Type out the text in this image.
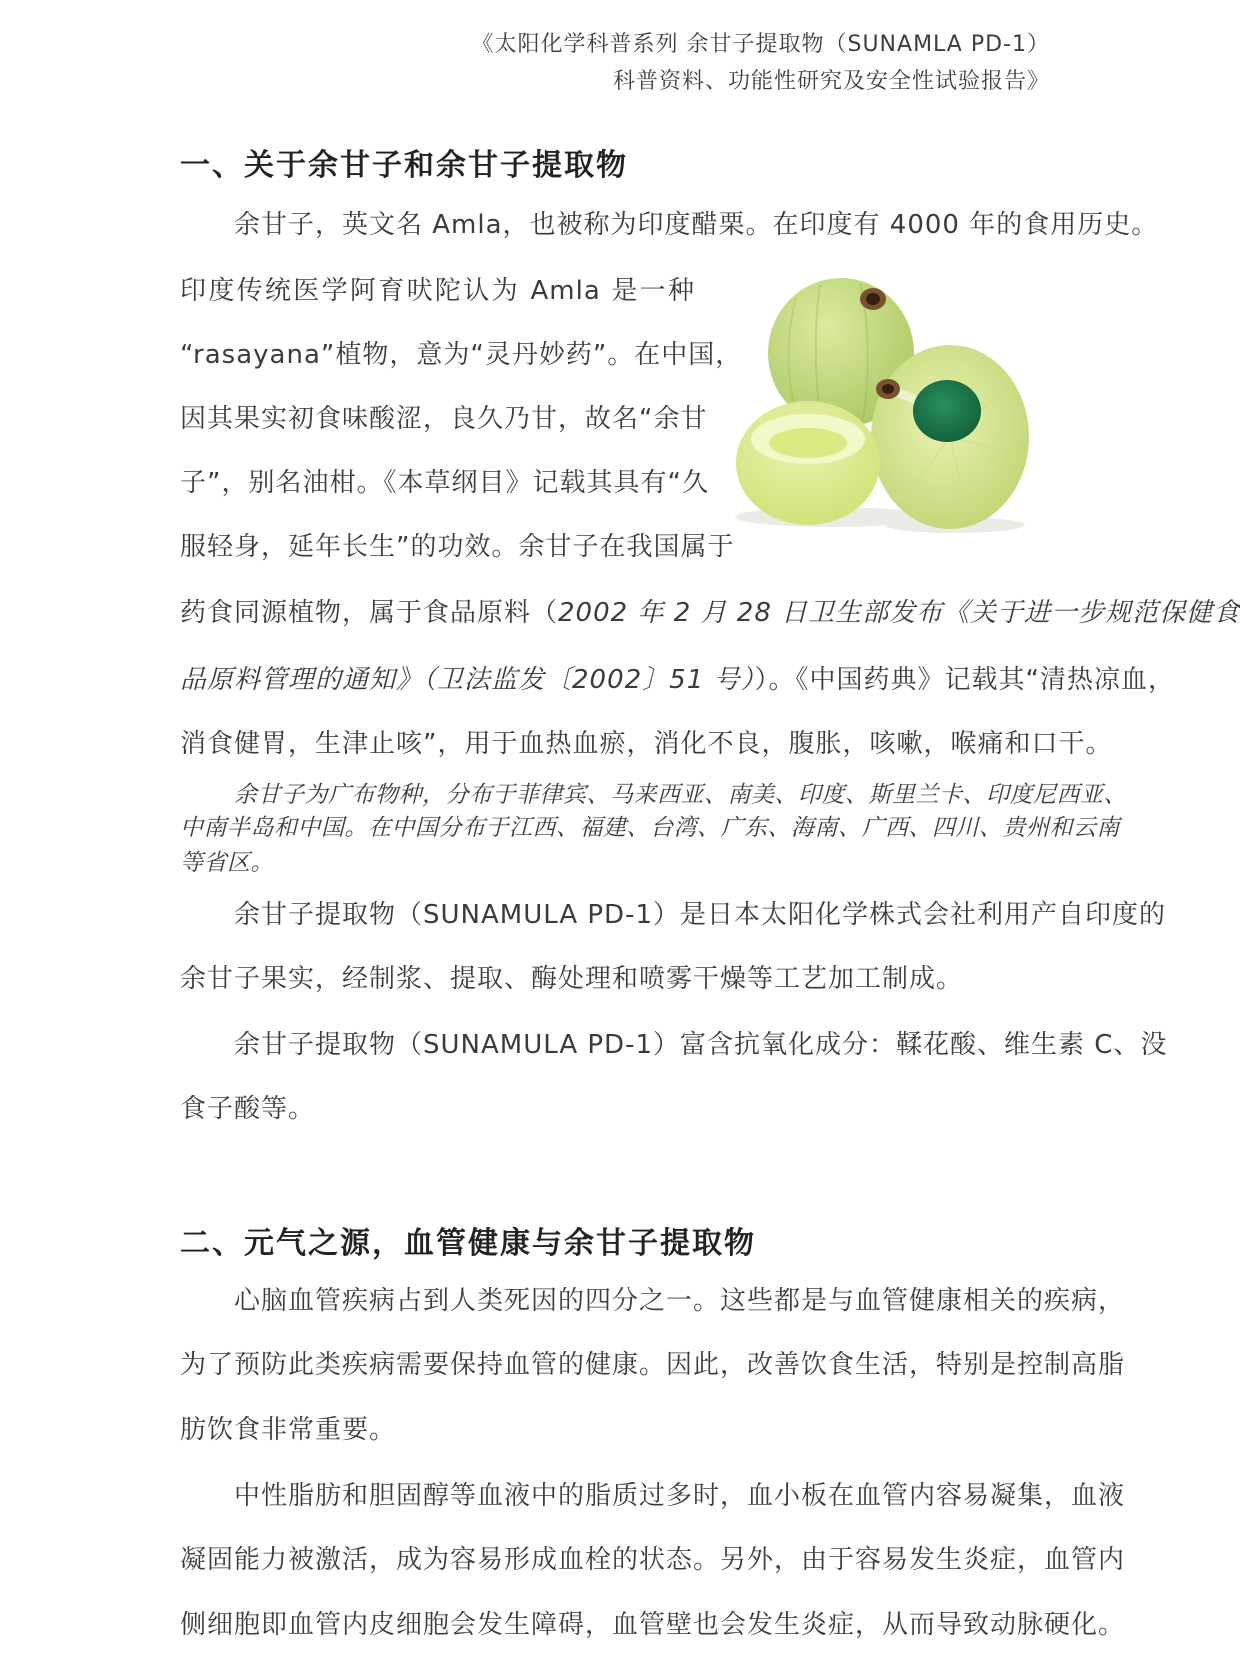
《太阳化学科普系列 余甘子提取物（SUNAMLA PD-1）
科普资料、功能性研究及安全性试验报告》
一、关于余甘子和余甘子提取物
余甘子，英文名 Amla，也被称为印度醋栗。在印度有 4000 年的食用历史。
印度传统医学阿育吠陀认为 Amla 是一种
“rasayana”植物，意为“灵丹妙药”。在中国，
因其果实初食味酸涩，良久乃甘，故名“余甘
子”，别名油柑。《本草纲目》记载其具有“久
服轻身，延年长生”的功效。余甘子在我国属于
药食同源植物，属于食品原料（2002 年 2 月 28 日卫生部发布《关于进一步规范保健食
品原料管理的通知》（卫法监发〔2002〕51 号））。《中国药典》记载其“清热凉血，
消食健胃，生津止咳”，用于血热血瘀，消化不良，腹胀，咳嗽，喉痛和口干。
余甘子为广布物种，分布于菲律宾、马来西亚、南美、印度、斯里兰卡、印度尼西亚、
中南半岛和中国。在中国分布于江西、福建、台湾、广东、海南、广西、四川、贵州和云南
等省区。
余甘子提取物（SUNAMULA PD-1）是日本太阳化学株式会社利用产自印度的
余甘子果实，经制浆、提取、酶处理和喷雾干燥等工艺加工制成。
余甘子提取物（SUNAMULA PD-1）富含抗氧化成分：鞣花酸、维生素 C、没
食子酸等。
二、元气之源，血管健康与余甘子提取物
心脑血管疾病占到人类死因的四分之一。这些都是与血管健康相关的疾病，
为了预防此类疾病需要保持血管的健康。因此，改善饮食生活，特别是控制高脂
肪饮食非常重要。
中性脂肪和胆固醇等血液中的脂质过多时，血小板在血管内容易凝集，血液
凝固能力被激活，成为容易形成血栓的状态。另外，由于容易发生炎症，血管内
侧细胞即血管内皮细胞会发生障碍，血管壁也会发生炎症，从而导致动脉硬化。
